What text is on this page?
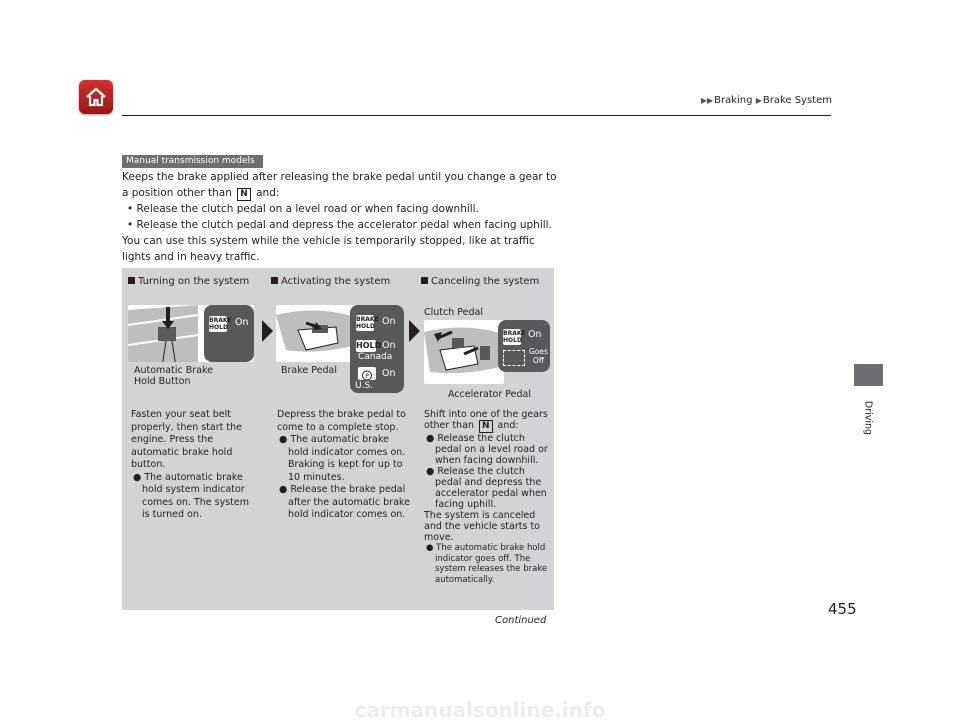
▶▶Braking ▶Brake System
Driving
Manual transmission models

Keeps the brake applied after releasing the brake pedal until you change a gear to a position other than N and:

• Release the clutch pedal on a level road or when facing downhill.

• Release the clutch pedal and depress the accelerator pedal when facing uphill.

You can use this system while the vehicle is temporarily stopped, like at traffic lights and in heavy traffic.

Turning on the system	Activating the system	Canceling the system
BRAKE
HOLD On
Automatic Brake
Hold Button
BRAKE
HOLD On
HOLD On
Canada
P On
U.S.
Brake Pedal
Clutch Pedal
BRAKE
HOLD
On
Goes
Off
Accelerator Pedal

Fasten your seat belt properly, then start the engine. Press the automatic brake hold button.

● The automatic brake hold system indicator comes on. The system is turned on.

Depress the brake pedal to come to a complete stop.

● The automatic brake hold indicator comes on. Braking is kept for up to 10 minutes.

● Release the brake pedal after the automatic brake hold indicator comes on.

Shift into one of the gears other than N and:

● Release the clutch pedal on a level road or when facing downhill.

● Release the clutch pedal and depress the accelerator pedal when facing uphill.

The system is canceled and the vehicle starts to move.

● The automatic brake hold indicator goes off. The system releases the brake automatically.

Continued
455
carmanualsonline.info
